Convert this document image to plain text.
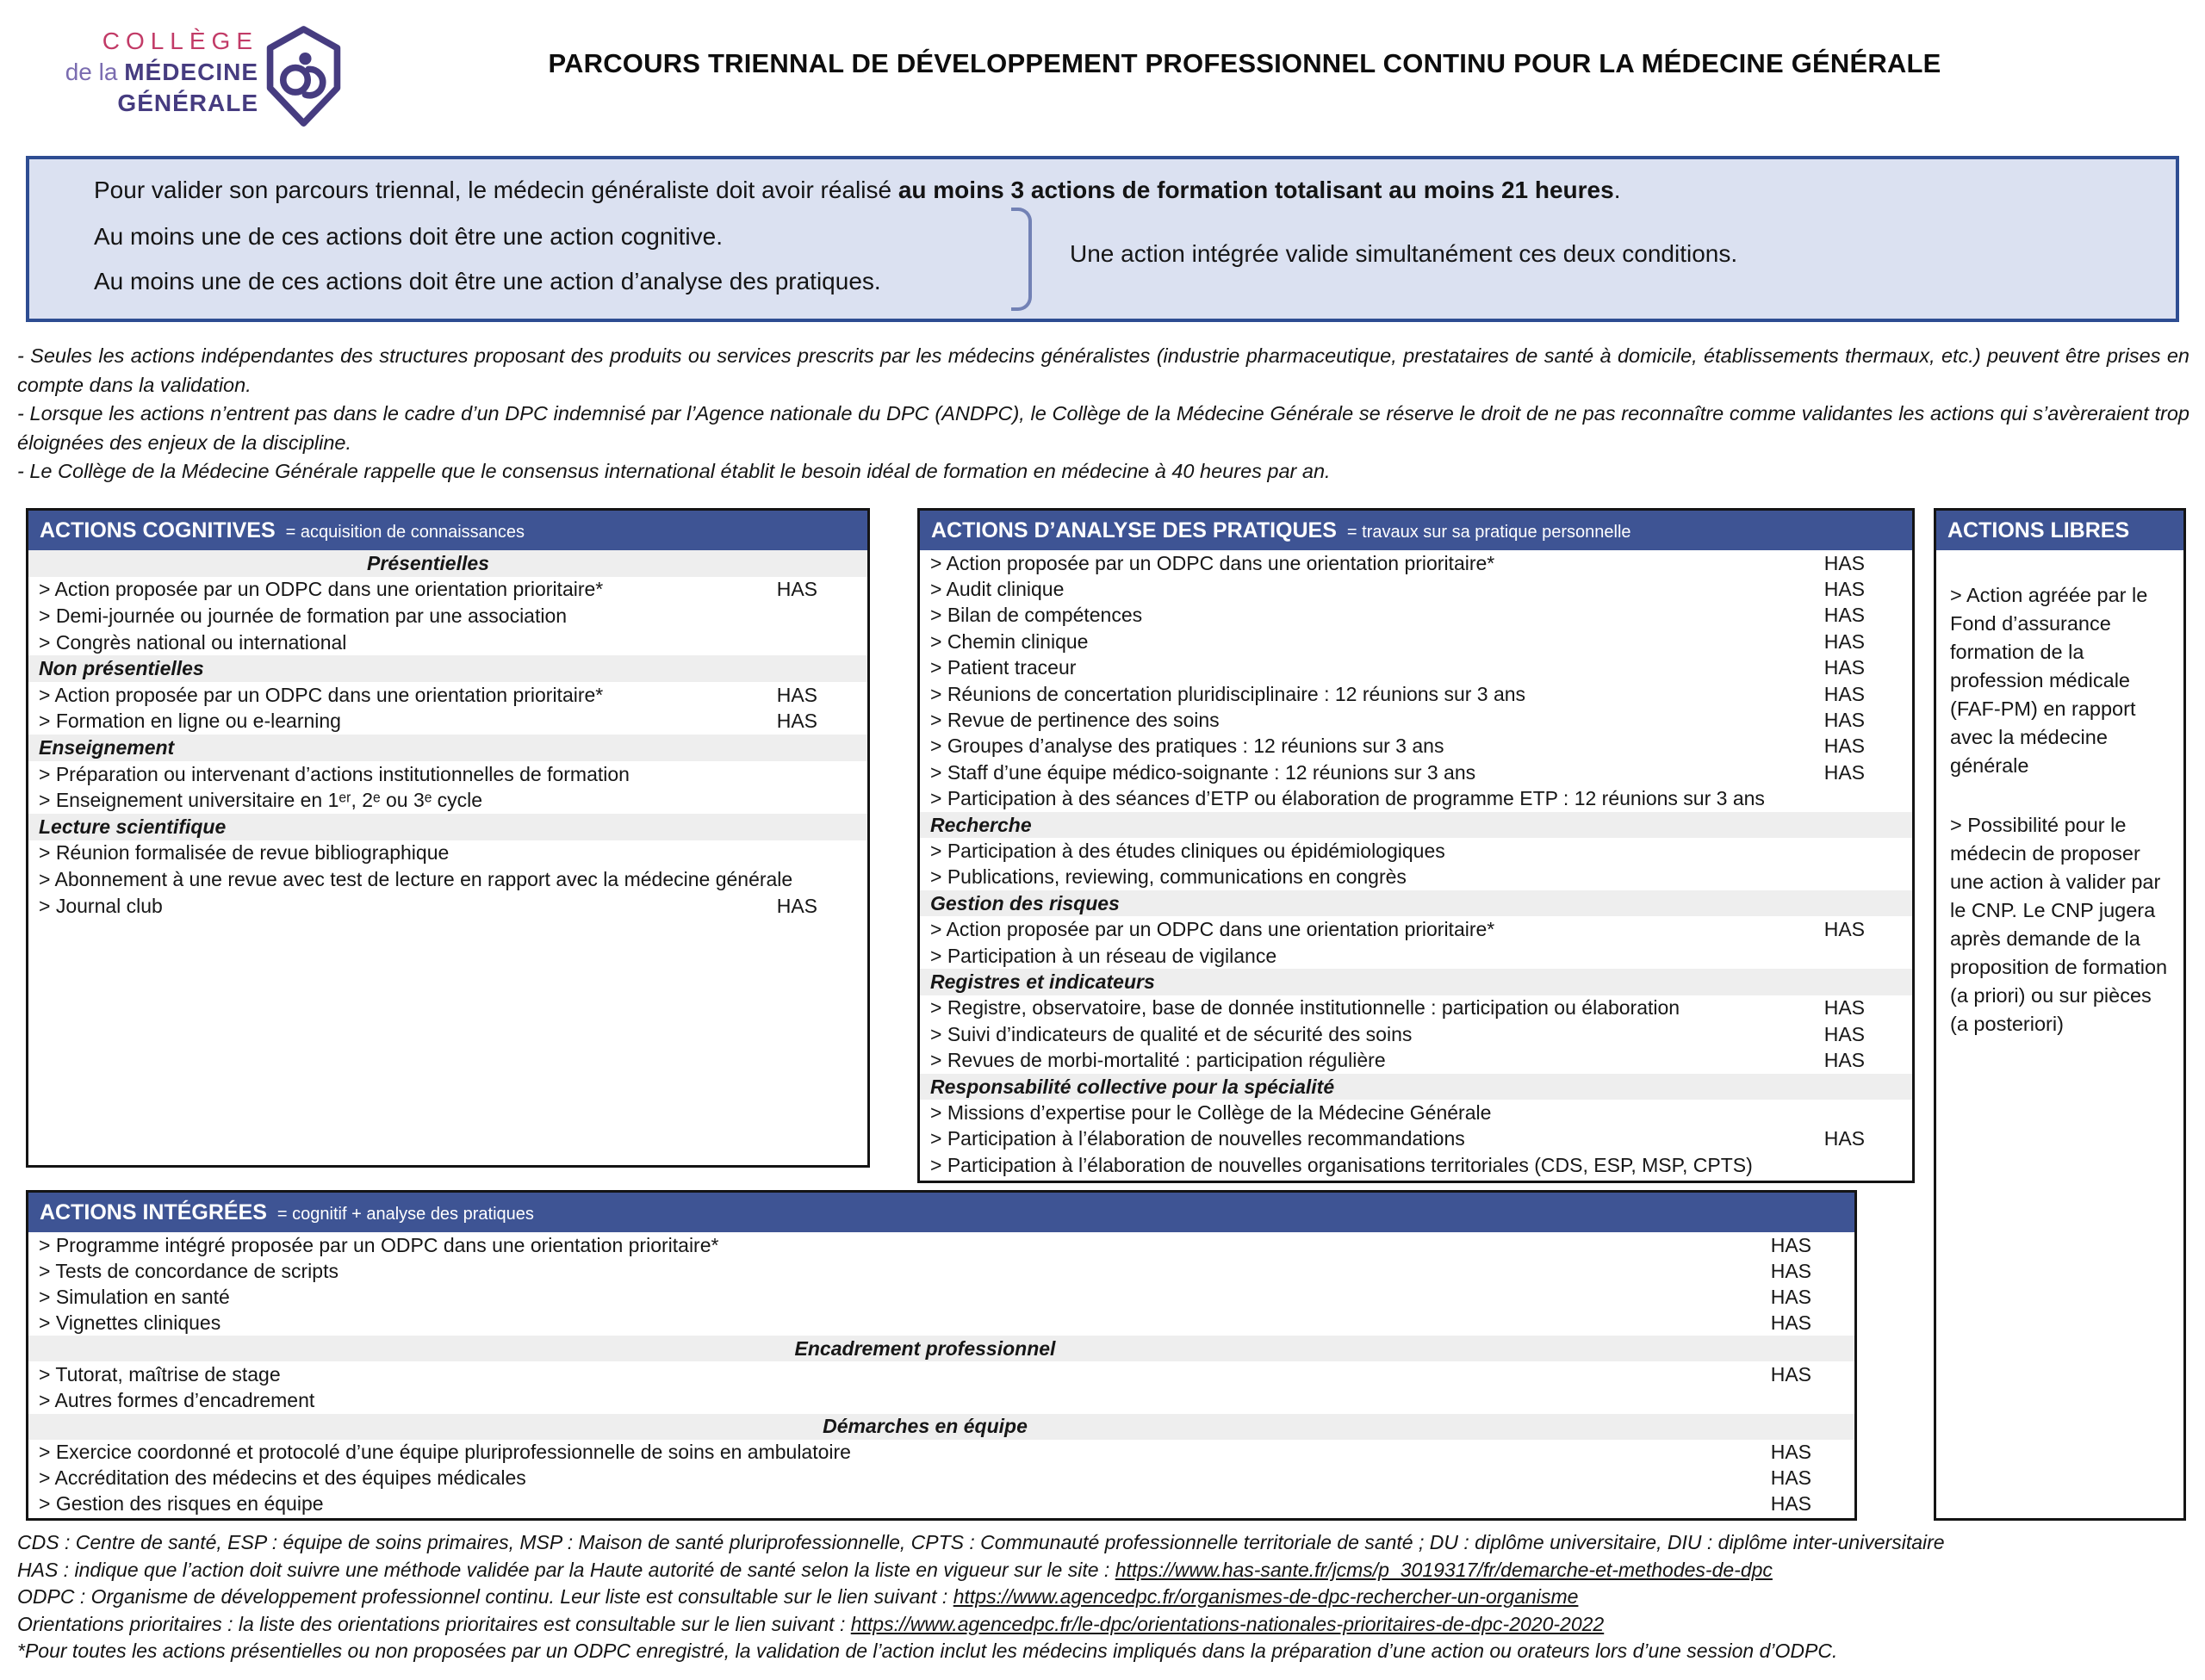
COLLÈGE
de la MÉDECINE
GÉNÉRALE
PARCOURS TRIENNAL DE DÉVELOPPEMENT PROFESSIONNEL CONTINU POUR LA MÉDECINE GÉNÉRALE

Pour valider son parcours triennal, le médecin généraliste doit avoir réalisé au moins 3 actions de formation totalisant au moins 21 heures.

Au moins une de ces actions doit être une action cognitive.

Au moins une de ces actions doit être une action d’analyse des pratiques.

Une action intégrée valide simultanément ces deux conditions.

- Seules les actions indépendantes des structures proposant des produits ou services prescrits par les médecins généralistes (industrie pharmaceutique, prestataires de santé à domicile, établissements thermaux, etc.) peuvent être prises en compte dans la validation.

- Lorsque les actions n’entrent pas dans le cadre d’un DPC indemnisé par l’Agence nationale du DPC (ANDPC), le Collège de la Médecine Générale se réserve le droit de ne pas reconnaître comme validantes les actions qui s’avèreraient trop éloignées des enjeux de la discipline.

- Le Collège de la Médecine Générale rappelle que le consensus international établit le besoin idéal de formation en médecine à 40 heures par an.

ACTIONS COGNITIVES = acquisition de connaissances
Présentielles
> Action proposée par un ODPC dans une orientation prioritaire*	HAS
> Demi-journée ou journée de formation par une association
> Congrès national ou international
Non présentielles
> Action proposée par un ODPC dans une orientation prioritaire*	HAS
> Formation en ligne ou e-learning	HAS
Enseignement
> Préparation ou intervenant d’actions institutionnelles de formation
> Enseignement universitaire en 1ᵉʳ, 2ᵉ ou 3ᵉ cycle
Lecture scientifique
> Réunion formalisée de revue bibliographique
> Abonnement à une revue avec test de lecture en rapport avec la médecine générale
> Journal club	HAS
ACTIONS D’ANALYSE DES PRATIQUES = travaux sur sa pratique personnelle
> Action proposée par un ODPC dans une orientation prioritaire*	HAS
> Audit clinique	HAS
> Bilan de compétences	HAS
> Chemin clinique	HAS
> Patient traceur	HAS
> Réunions de concertation pluridisciplinaire : 12 réunions sur 3 ans	HAS
> Revue de pertinence des soins	HAS
> Groupes d’analyse des pratiques : 12 réunions sur 3 ans	HAS
> Staff d’une équipe médico-soignante : 12 réunions sur 3 ans	HAS
> Participation à des séances d’ETP ou élaboration de programme ETP : 12 réunions sur 3 ans
Recherche
> Participation à des études cliniques ou épidémiologiques
> Publications, reviewing, communications en congrès
Gestion des risques
> Action proposée par un ODPC dans une orientation prioritaire*	HAS
> Participation à un réseau de vigilance
Registres et indicateurs
> Registre, observatoire, base de donnée institutionnelle : participation ou élaboration	HAS
> Suivi d’indicateurs de qualité et de sécurité des soins	HAS
> Revues de morbi-mortalité : participation régulière	HAS
Responsabilité collective pour la spécialité
> Missions d’expertise pour le Collège de la Médecine Générale
> Participation à l’élaboration de nouvelles recommandations	HAS
> Participation à l’élaboration de nouvelles organisations territoriales (CDS, ESP, MSP, CPTS)
ACTIONS LIBRES

> Action agréée par le Fond d’assurance formation de la profession médicale (FAF-PM) en rapport avec la médecine générale

> Possibilité pour le médecin de proposer une action à valider par le CNP. Le CNP jugera après demande de la proposition de formation (a priori) ou sur pièces (a posteriori)

ACTIONS INTÉGRÉES = cognitif + analyse des pratiques
> Programme intégré proposée par un ODPC dans une orientation prioritaire*	HAS
> Tests de concordance de scripts	HAS
> Simulation en santé	HAS
> Vignettes cliniques	HAS
Encadrement professionnel
> Tutorat, maîtrise de stage	HAS
> Autres formes d’encadrement
Démarches en équipe
> Exercice coordonné et protocolé d’une équipe pluriprofessionnelle de soins en ambulatoire	HAS
> Accréditation des médecins et des équipes médicales	HAS
> Gestion des risques en équipe	HAS
CDS : Centre de santé, ESP : équipe de soins primaires, MSP : Maison de santé pluriprofessionnelle, CPTS : Communauté professionnelle territoriale de santé ; DU : diplôme universitaire, DIU : diplôme inter-universitaire
HAS : indique que l’action doit suivre une méthode validée par la Haute autorité de santé selon la liste en vigueur sur le site : https://www.has-sante.fr/jcms/p_3019317/fr/demarche-et-methodes-de-dpc
ODPC : Organisme de développement professionnel continu. Leur liste est consultable sur le lien suivant : https://www.agencedpc.fr/organismes-de-dpc-rechercher-un-organisme
Orientations prioritaires : la liste des orientations prioritaires est consultable sur le lien suivant : https://www.agencedpc.fr/le-dpc/orientations-nationales-prioritaires-de-dpc-2020-2022
*Pour toutes les actions présentielles ou non proposées par un ODPC enregistré, la validation de l’action inclut les médecins impliqués dans la préparation d’une action ou orateurs lors d’une session d’ODPC.
